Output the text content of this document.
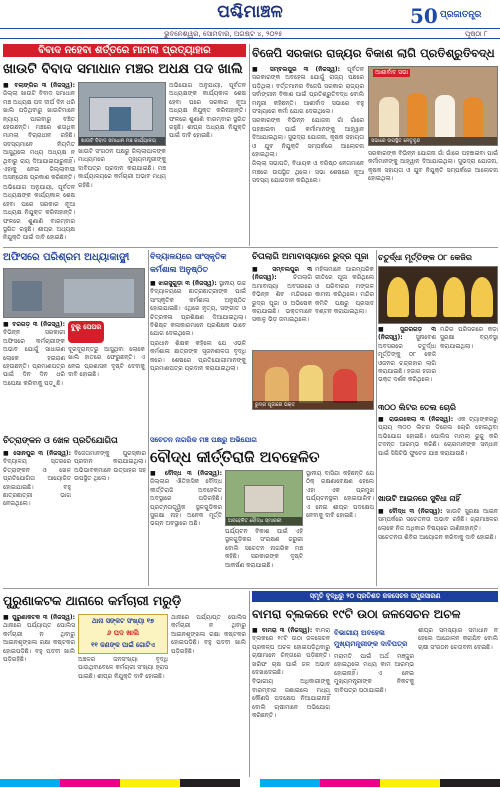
ପଶ୍ଚିମାଞ୍ଚଳ	50 ପ୍ରଜାତନ୍ତ୍ର
ଭୁବନେଶ୍ୱର, ସୋମବାର, ଅଗଷ୍ଟ ୪, ୨୦୨୫	ପୃଷ୍ଠା ୮
ବିବାଦ ନହେବା ଶର୍ତ୍ତରେ ମାମଲା ପ୍ରତ୍ୟାହାର
ଖାଉଟି ବିବାଦ ସମାଧାନ ମଞ୍ଚର ଅଧକ୍ଷ ପଦ ଖାଲି

■ ବଲାଙ୍ଗିର ୩ (ନିଜସ୍ୱ): ଜିଲ୍ଲା ଖାଉଟି ବିବାଦ ସମାଧାନ ମଞ୍ଚ ଅଧ୍ୟକ୍ଷ ପଦ ଦୀର୍ଘ ଦିନ ଧରି ଖାଲି ପଡ଼ିଥିବାରୁ ଖାଉଟିମାନେ ନ୍ୟାୟ ପାଇବାରୁ ବଞ୍ଚିତ ହେଉଛନ୍ତି। ମଞ୍ଚରେ ଶତାଧିକ ମାମଲା ବିଚାରାଧୀନ ରହିଛି। ସଦସ୍ୟମାନେ ନିୟମିତ ଆସୁଥିଲେ ମଧ୍ୟ ଅଧ୍ୟକ୍ଷ ନ ଥିବାରୁ ରାୟ ଦିଆଯାଇପାରୁନାହିଁ। ଏହାକୁ ନେଇ ଜିଲ୍ଲାବାସୀ ଅସନ୍ତୋଷ ପ୍ରକାଶ କରିଛନ୍ତି।

ଅଭିଯୋଗ ଅନୁଯାୟୀ, ପୂର୍ବତନ ଅଧ୍ୟକ୍ଷଙ୍କ କାର୍ଯ୍ୟକାଳ ଶେଷ ହେବା ପରେ ସରକାର ନୂଆ ଅଧ୍ୟକ୍ଷ ନିଯୁକ୍ତ କରିନାହାନ୍ତି। ଫଳରେ ଶୁଣାଣି ବାରମ୍ବାର ସ୍ଥଗିତ ରହୁଛି। ଶୀଘ୍ର ଅଧ୍ୟକ୍ଷ ନିଯୁକ୍ତି ପାଇଁ ଦାବି ହୋଇଛି।

ଖାଉଟି ବିବାଦ ସମାଧାନ ମଞ୍ଚ କାର୍ଯ୍ୟାଳୟ
ଖାଉଟି ସଂଗଠନ ପକ୍ଷରୁ ଜିଲ୍ଲାପାଳଙ୍କ ମାଧ୍ୟମରେ ମୁଖ୍ୟମନ୍ତ୍ରୀଙ୍କୁ ଦାବିପତ୍ର ପ୍ରଦାନ କରାଯାଇଛି। ମଞ୍ଚ କାର୍ଯ୍ୟାଳୟରେ କର୍ମଚାରୀ ଅଭାବ ମଧ୍ୟ ରହିଛି।
ଅଭିଯୋଗ ଅନୁଯାୟୀ, ପୂର୍ବତନ ଅଧ୍ୟକ୍ଷଙ୍କ କାର୍ଯ୍ୟକାଳ ଶେଷ ହେବା ପରେ ସରକାର ନୂଆ ଅଧ୍ୟକ୍ଷ ନିଯୁକ୍ତ କରିନାହାନ୍ତି। ଫଳରେ ଶୁଣାଣି ବାରମ୍ବାର ସ୍ଥଗିତ ରହୁଛି। ଶୀଘ୍ର ଅଧ୍ୟକ୍ଷ ନିଯୁକ୍ତି ପାଇଁ ଦାବି ହୋଇଛି।
ବିଜେପି ସରକାର ରାଜ୍ୟର ବିକାଶ ଲାଗି ପ୍ରତିଶ୍ରୁତିବଦ୍ଧ

■ ସମ୍ବଲପୁର ୩ (ନିଜସ୍ୱ): ପୂର୍ବତନ ସରକାରଙ୍କ ଅବହେଳା ଯୋଗୁଁ ରାଜ୍ୟ ପଛରେ ପଡ଼ିଥିଲା। ବର୍ତ୍ତମାନର ବିଜେପି ସରକାର ରାଜ୍ୟର ସର୍ବାଙ୍ଗୀନ ବିକାଶ ପାଇଁ ପ୍ରତିଶ୍ରୁତିବଦ୍ଧ ବୋଲି ମନ୍ତ୍ରୀ କହିଛନ୍ତି। ଆଶୀର୍ବାଦ ସଭାରେ ବହୁ ସଂଖ୍ୟାରେ କର୍ମୀ ଯୋଗ ଦେଇଥିଲେ।

ସରକାରଙ୍କ ବିଭିନ୍ନ ଯୋଜନା ଗାଁ ଗାଁରେ ପହଞ୍ଚାଇବା ପାଇଁ କର୍ମୀମାନଙ୍କୁ ଆହ୍ୱାନ ଦିଆଯାଇଥିଲା। ସୁଭଦ୍ରା ଯୋଜନା, କୃଷକ ସହାୟତା ଓ ଯୁବ ନିଯୁକ୍ତି ସମ୍ପର୍କରେ ଆଲୋଚନା ହୋଇଥିଲା।

ଜିଲ୍ଲା ସଭାପତି, ବିଧାୟକ ଓ ବରିଷ୍ଠ ନେତାମାନେ ମଞ୍ଚରେ ଉପସ୍ଥିତ ଥିଲେ। ସଭା ଶେଷରେ ନୂଆ ସଦସ୍ୟ ଯୋଗଦାନ କରିଥିଲେ।

ଆଶୀର୍ବାଦ ସଭା
ସଭାରେ ଉପସ୍ଥିତ ନେତୃବୃନ୍ଦ
ସରକାରଙ୍କ ବିଭିନ୍ନ ଯୋଜନା ଗାଁ ଗାଁରେ ପହଞ୍ଚାଇବା ପାଇଁ କର୍ମୀମାନଙ୍କୁ ଆହ୍ୱାନ ଦିଆଯାଇଥିଲା। ସୁଭଦ୍ରା ଯୋଜନା, କୃଷକ ସହାୟତା ଓ ଯୁବ ନିଯୁକ୍ତି ସମ୍ପର୍କରେ ଆଲୋଚନା ହୋଇଥିଲା।
ଅଫିସରେ ପରିଶ୍ରମ ଅଧ୍ୟାକାଙ୍କ୍ଷୀ

■ ବରଗଡ଼ ୩ (ନିଜସ୍ୱ): ବିଭିନ୍ନ ସରକାରୀ ଅଫିସରେ କର୍ମଚାରୀଙ୍କ ଅଭାବ ଯୋଗୁଁ ସାଧାରଣ ଲୋକେ ହଇରାଣ ହେଉଛନ୍ତି। ପ୍ରମାଣପତ୍ର ପାଇଁ ଦିନ ଦିନ ଧରି ଅପେକ୍ଷା କରିବାକୁ ପଡ଼ୁଛି।

ବୁଲୁ ପେପର
ଦୂରଦୂରାନ୍ତରୁ ଆସୁଥିବା ଲୋକେ ଖାଲି ହାତରେ ଫେରୁଛନ୍ତି। ଏ ନେଇ ପ୍ରଶାସନ ଦୃଷ୍ଟି ଦେବାକୁ ଦାବି ହୋଇଛି।
ବିଦ୍ୟାଳୟରେ ସାଂସ୍କୃତିକ କର୍ମଶାଳା ଅନୁଷ୍ଠିତ

■ ଝାରସୁଗୁଡ଼ା ୩ (ନିଜସ୍ୱ): ସ୍ଥାନୀୟ ଉଚ୍ଚ ବିଦ୍ୟାଳୟରେ ଛାତ୍ରଛାତ୍ରୀଙ୍କ ପାଇଁ ସାଂସ୍କୃତିକ କର୍ମଶାଳା ଅନୁଷ୍ଠିତ ହୋଇଯାଇଛି। ଏଥିରେ ନୃତ୍ୟ, ସଙ୍ଗୀତ ଓ ଚିତ୍ରକଳା ପ୍ରଶିକ୍ଷଣ ଦିଆଯାଇଥିଲା। ବିଶିଷ୍ଟ କଳାକାରମାନେ ପ୍ରଶିକ୍ଷକ ଭାବେ ଯୋଗ ଦେଇଥିଲେ।

ପ୍ରଧାନ ଶିକ୍ଷକ କହିଲେ ଯେ ଏଭଳି କର୍ମଶାଳା ଛାତ୍ରଙ୍କ ସୃଜନଶୀଳତା ବୃଦ୍ଧି କରେ। ଶେଷରେ ପ୍ରତିଯୋଗୀମାନଙ୍କୁ ପ୍ରମାଣପତ୍ର ପ୍ରଦାନ କରାଯାଇଥିଲା।

ଚିତାଲାଗି ଅମାବାସ୍ୟାରେ ରୁଦ୍ର ପୂଜା

■ ସମ୍ବଲପୁର ୩ (ନିଜସ୍ୱ):	ଚିତାଲାଗି ଅମାବାସ୍ୟା ଅବସରରେ ବିଭିନ୍ନ ଶିବ ମନ୍ଦିରରେ ରୁଦ୍ର ପୂଜା ଓ ଅଭିଷେକ କରାଯାଇଛି। ଭକ୍ତମାନେ ସକାଳୁ ଭିଡ଼ ଜମାଇଥିଲେ।

ମହିଳାମାନେ ପାରମ୍ପରିକ ରୀତିରେ ପୂଜା କରିଥିଲେ ଓ ପରିବାରର ମଙ୍ଗଳ କାମନା କରିଥିଲେ। ମନ୍ଦିର କମିଟି ପକ୍ଷରୁ ପ୍ରସାଦ ବଣ୍ଟନ କରାଯାଇଥିଲା।
ରୁଦ୍ର ପୂଜାରେ ଭକ୍ତ
ଚତୁର୍ଦ୍ଧା ମୂର୍ତ୍ତିଙ୍କ ୦୮ କେଜିର

■ ସୁନ୍ଦରଗଡ଼ ୩ (ନିଜସ୍ୱ): ସୁନାବେଶ ଅବସରରେ ଚତୁର୍ଦ୍ଧା ମୂର୍ତ୍ତିଙ୍କୁ ୦୮ କେଜି ଓଜନର ଚନ୍ଦ୍ରହାର ଲାଗି କରାଯାଇଛି। ହଜାର ହଜାର ଭକ୍ତ ଦର୍ଶନ କରିଥିଲେ।

ମନ୍ଦିର ପରିସରରେ କଡ଼ା ସୁରକ୍ଷା ବ୍ୟବସ୍ଥା କରାଯାଇଥିଲା।
୩୦୦ ଲିଟର ତେଲ ଚୋରି

■ ରାଉରକେଲା ୩ (ନିଜସ୍ୱ): ଏକ ଟ୍ୟାଙ୍କରରୁ ପ୍ରାୟ ୩୦୦ ଲିଟର ଡିଜେଲ ଚୋରି ହୋଇଥିବା ଅଭିଯୋଗ ହୋଇଛି। ପୋଲିସ ମାମଲା ରୁଜୁ କରି ତଦନ୍ତ ଆରମ୍ଭ କରିଛି। ଚୋରମାନଙ୍କ ସନ୍ଧାନ ପାଇଁ ସିସିଟିଭି ଫୁଟେଜ ଯାଞ୍ଚ କରାଯାଉଛି।

ଖାଉଟି ଆଇନରେ ସୁବିଧା ନାହିଁ

■ ବୌଦ୍ଧ ୩ (ନିଜସ୍ୱ): ଖାଉଟି ସୁରକ୍ଷା ଆଇନ ସମ୍ପର୍କରେ ସଚେତନତା ଅଭାବ ରହିଛି। ଗ୍ରାମାଞ୍ଚଳର ଲୋକେ ନିଜ ଅଧିକାର ବିଷୟରେ ଜାଣିନାହାନ୍ତି।

ସଚେତନତା ଶିବିର ଆୟୋଜନ କରିବାକୁ ଦାବି ହୋଇଛି।

ଚିତ୍ରାଙ୍କନ ଓ ଖେଳ ପ୍ରତିଯୋଗିତା

■ ସୋନପୁର ୩ (ନିଜସ୍ୱ): ବିଦ୍ୟାଳୟ ସ୍ତରରେ ଚିତ୍ରାଙ୍କନ ଓ ଖେଳ ପ୍ରତିଯୋଗିତା ଆୟୋଜିତ ହୋଇଯାଇଛି। ବହୁ ଛାତ୍ରଛାତ୍ରୀ ଭାଗ ନେଇଥିଲେ।

ବିଜେତାମାନଙ୍କୁ ପୁରସ୍କାର ପ୍ରଦାନ କରାଯାଇଥିଲା। ଅଭିଭାବକମାନେ ଉତ୍ସାହର ସହ ଉପସ୍ଥିତ ଥିଲେ।
ସଚେତନ ନାଗରିକ ମଞ୍ଚ ପକ୍ଷରୁ ଅଭିଯୋଗ
ବୌଦ୍ଧ କୀର୍ତ୍ତିରାଜି ଅବହେଳିତ

■ ବୌଦ୍ଧ ୩ (ନିଜସ୍ୱ): ଜିଲ୍ଲାର ଐତିହାସିକ ବୌଦ୍ଧ କୀର୍ତ୍ତିରାଜି ଅବହେଳିତ ଅବସ୍ଥାରେ ପଡ଼ିରହିଛି। ପ୍ରତ୍ନତାତ୍ତ୍ୱିକ ସ୍ଥଳଗୁଡ଼ିକର ସୁରକ୍ଷା ନାହିଁ। ଅନେକ ମୂର୍ତ୍ତି ଭଗ୍ନ ଅବସ୍ଥାରେ ଅଛି।	ଅବହେଳିତ ବୌଦ୍ଧ ସ୍ମାରକୀ
ପର୍ଯ୍ୟଟନ ବିକାଶ ପାଇଁ ଏହି ସ୍ଥଳଗୁଡ଼ିକର ସଂରକ୍ଷଣ ଜରୁରୀ ବୋଲି ସଚେତନ ନାଗରିକ ମଞ୍ଚ କହିଛି। ସରକାରଙ୍କ ଦୃଷ୍ଟି ଆକର୍ଷଣ କରାଯାଇଛି।
ସ୍ଥାନୀୟ ବାସିନ୍ଦା କହିଛନ୍ତି ଯେ ଠିକ୍ ରକ୍ଷଣାବେକ୍ଷଣ ହେଲେ ଏହା ଏକ ପ୍ରମୁଖ ପର୍ଯ୍ୟଟନସ୍ଥଳୀ ହୋଇପାରିବ। ଏ ନେଇ ଶୀଘ୍ର ପଦକ୍ଷେପ ନେବାକୁ ଦାବି ହୋଇଛି।
ପୁରୁଣାକଟକ ଥାନାରେ କର୍ମଚାରୀ ମରୁଡ଼ି

■ ପୁରୁଣାକଟକ ୩ (ନିଜସ୍ୱ): ଥାନାରେ ପର୍ଯ୍ୟାପ୍ତ ପୋଲିସ କର୍ମଚାରୀ ନ ଥିବାରୁ ଆଇନଶୃଙ୍ଖଳା ରକ୍ଷା କଷ୍ଟକର ହୋଇପଡ଼ିଛି। ବହୁ ପଦବୀ ଖାଲି ପଡ଼ିରହିଛି।

ଥାନା ସଙ୍କଟ ସଂଖ୍ୟା ୧୭
୬ ପଦ ଖାଲି
୧୧ ଜଣଙ୍କ ପାଇଁ ଗୋଟିଏ
ଅଞ୍ଚଳର ଜନସଂଖ୍ୟା ବୃଦ୍ଧି ପାଉଥିବାବେଳେ କର୍ମଚାରୀ ସଂଖ୍ୟା ହ୍ରାସ ପାଇଛି। ଶୀଘ୍ର ନିଯୁକ୍ତି ଦାବି ହୋଇଛି।
ଥାନାରେ ପର୍ଯ୍ୟାପ୍ତ ପୋଲିସ କର୍ମଚାରୀ ନ ଥିବାରୁ ଆଇନଶୃଙ୍ଖଳା ରକ୍ଷା କଷ୍ଟକର ହୋଇପଡ଼ିଛି। ବହୁ ପଦବୀ ଖାଲି ପଡ଼ିରହିଛି।
ସ୍ମୃତି ବୃଦ୍ଧିରୁ ୨୦ ପ୍ରତିଶତ ଜଳସେଚନ ସମ୍ପ୍ରସାରଣ
ବାମରା ବ୍ଲକରେ ୧୯ଟି ଉଠା ଜଳସେଚନ ଅଚଳ

■ ବାମରା ୩ (ନିଜସ୍ୱ): ବାମରା ବ୍ଲକରେ ୧୯ଟି ଉଠା ଜଳସେଚନ ପ୍ରକଳ୍ପ ଅଚଳ ହୋଇପଡ଼ିଥିବାରୁ ଚାଷୀମାନେ ଚିନ୍ତାରେ ପଡ଼ିଛନ୍ତି। ଖରିଫ ଚାଷ ପାଇଁ ଜଳ ଅଭାବ ଦେଖାଦେଇଛି।

ବିଭାଗୀୟ ଅଧିକାରୀଙ୍କୁ ବାରମ୍ବାର ଜଣାଇଲେ ମଧ୍ୟ କୌଣସି ପଦକ୍ଷେପ ନିଆଯାଇନାହିଁ ବୋଲି ଚାଷୀମାନେ ଅଭିଯୋଗ କରିଛନ୍ତି।

ବିଭାଗୀୟ ଅବହେଳା ମୁଖ୍ୟମନ୍ତ୍ରୀଙ୍କ ଦାବିପତ୍ର
ମରାମତି ପାଇଁ ଅର୍ଥ ମଞ୍ଜୁର ହୋଇଥିଲେ ମଧ୍ୟ କାମ ଆରମ୍ଭ ହୋଇନାହିଁ। ଏ ନେଇ ମୁଖ୍ୟମନ୍ତ୍ରୀଙ୍କ ନିକଟକୁ ଦାବିପତ୍ର ପଠାଯାଇଛି।
ଶୀଘ୍ର ସମସ୍ୟାର ସମାଧାନ ନ ହେଲେ ଆନ୍ଦୋଳନ କରାଯିବ ବୋଲି ଚାଷୀ ସଂଗଠନ ଚେତାବନୀ ଦେଇଛି।
